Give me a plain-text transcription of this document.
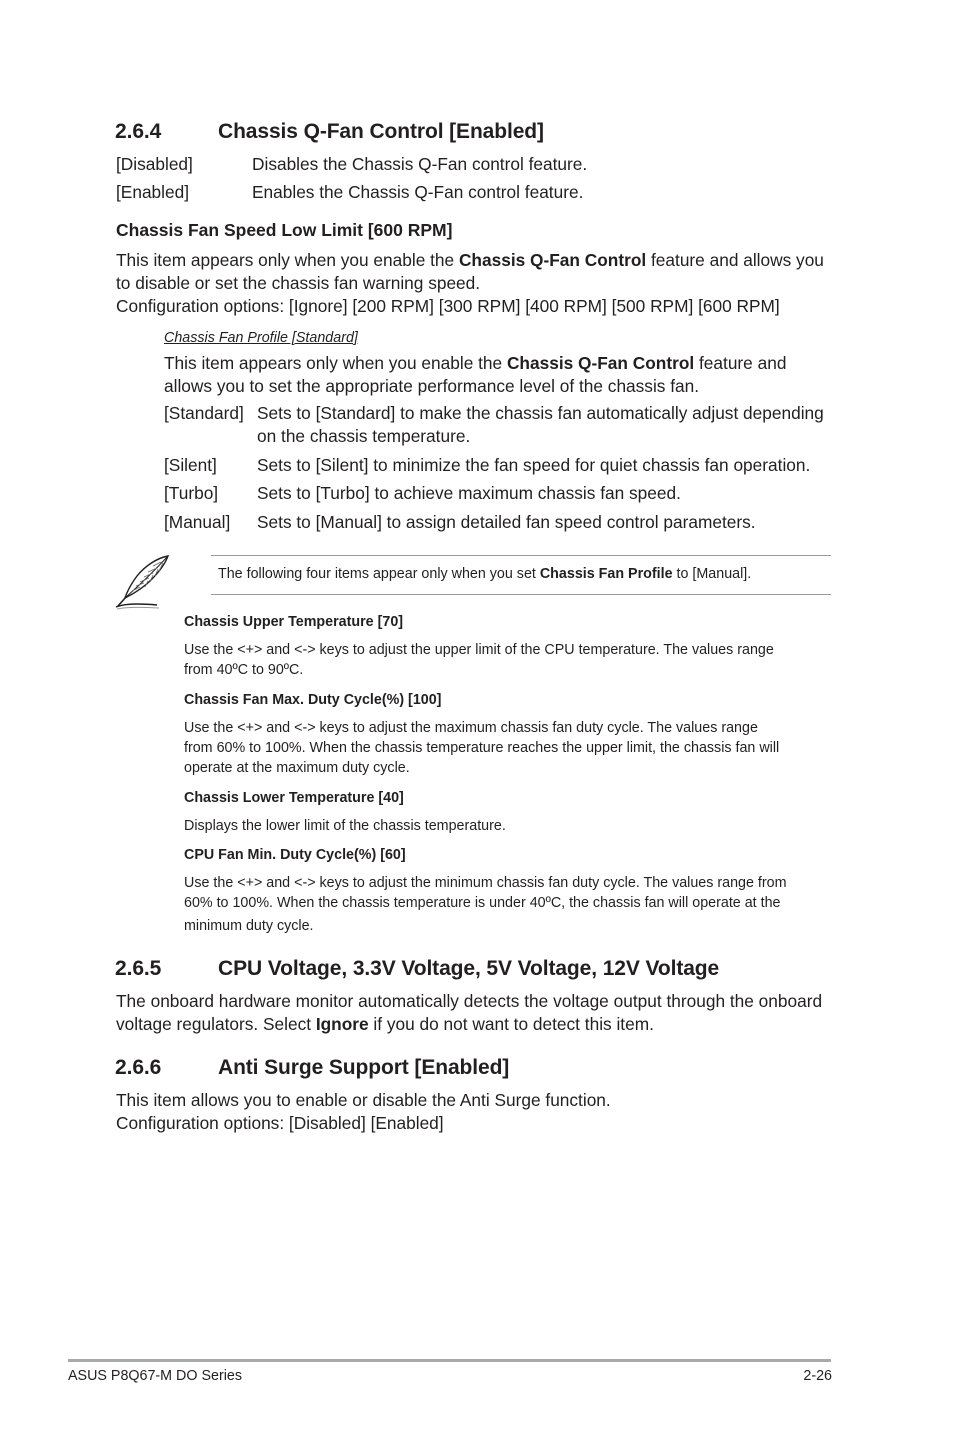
2.6.4	Chassis Q-Fan Control [Enabled]
[Disabled]	Disables the Chassis Q-Fan control feature.
[Enabled]	Enables the Chassis Q-Fan control feature.
Chassis Fan Speed Low Limit [600 RPM]
This item appears only when you enable the Chassis Q-Fan Control feature and allows you
to disable or set the chassis fan warning speed.
Configuration options: [Ignore] [200 RPM] [300 RPM] [400 RPM] [500 RPM] [600 RPM]
Chassis Fan Profile [Standard]
This item appears only when you enable the Chassis Q-Fan Control feature and
allows you to set the appropriate performance level of the chassis fan.
[Standard] Sets to [Standard] to make the chassis fan automatically adjust depending
on the chassis temperature.
[Silent]	Sets to [Silent] to minimize the fan speed for quiet chassis fan operation.
[Turbo]	Sets to [Turbo] to achieve maximum chassis fan speed.
[Manual]	Sets to [Manual] to assign detailed fan speed control parameters.
The following four items appear only when you set Chassis Fan Profile to [Manual].
Chassis Upper Temperature [70]
Use the <+> and <-> keys to adjust the upper limit of the CPU temperature. The values range
from 40ºC to 90ºC.
Chassis Fan Max. Duty Cycle(%) [100]
Use the <+> and <-> keys to adjust the maximum chassis fan duty cycle. The values range
from 60% to 100%. When the chassis temperature reaches the upper limit, the chassis fan will
operate at the maximum duty cycle.
Chassis Lower Temperature [40]
Displays the lower limit of the chassis temperature.
CPU Fan Min. Duty Cycle(%) [60]
Use the <+> and <-> keys to adjust the minimum chassis fan duty cycle. The values range from
60% to 100%. When the chassis temperature is under 40ºC, the chassis fan will operate at the
minimum duty cycle.
2.6.5	CPU Voltage, 3.3V Voltage, 5V Voltage, 12V Voltage
The onboard hardware monitor automatically detects the voltage output through the onboard
voltage regulators. Select Ignore if you do not want to detect this item.
2.6.6	Anti Surge Support [Enabled]
This item allows you to enable or disable the Anti Surge function.
Configuration options: [Disabled] [Enabled]
ASUS P8Q67-M DO Series	2-26
